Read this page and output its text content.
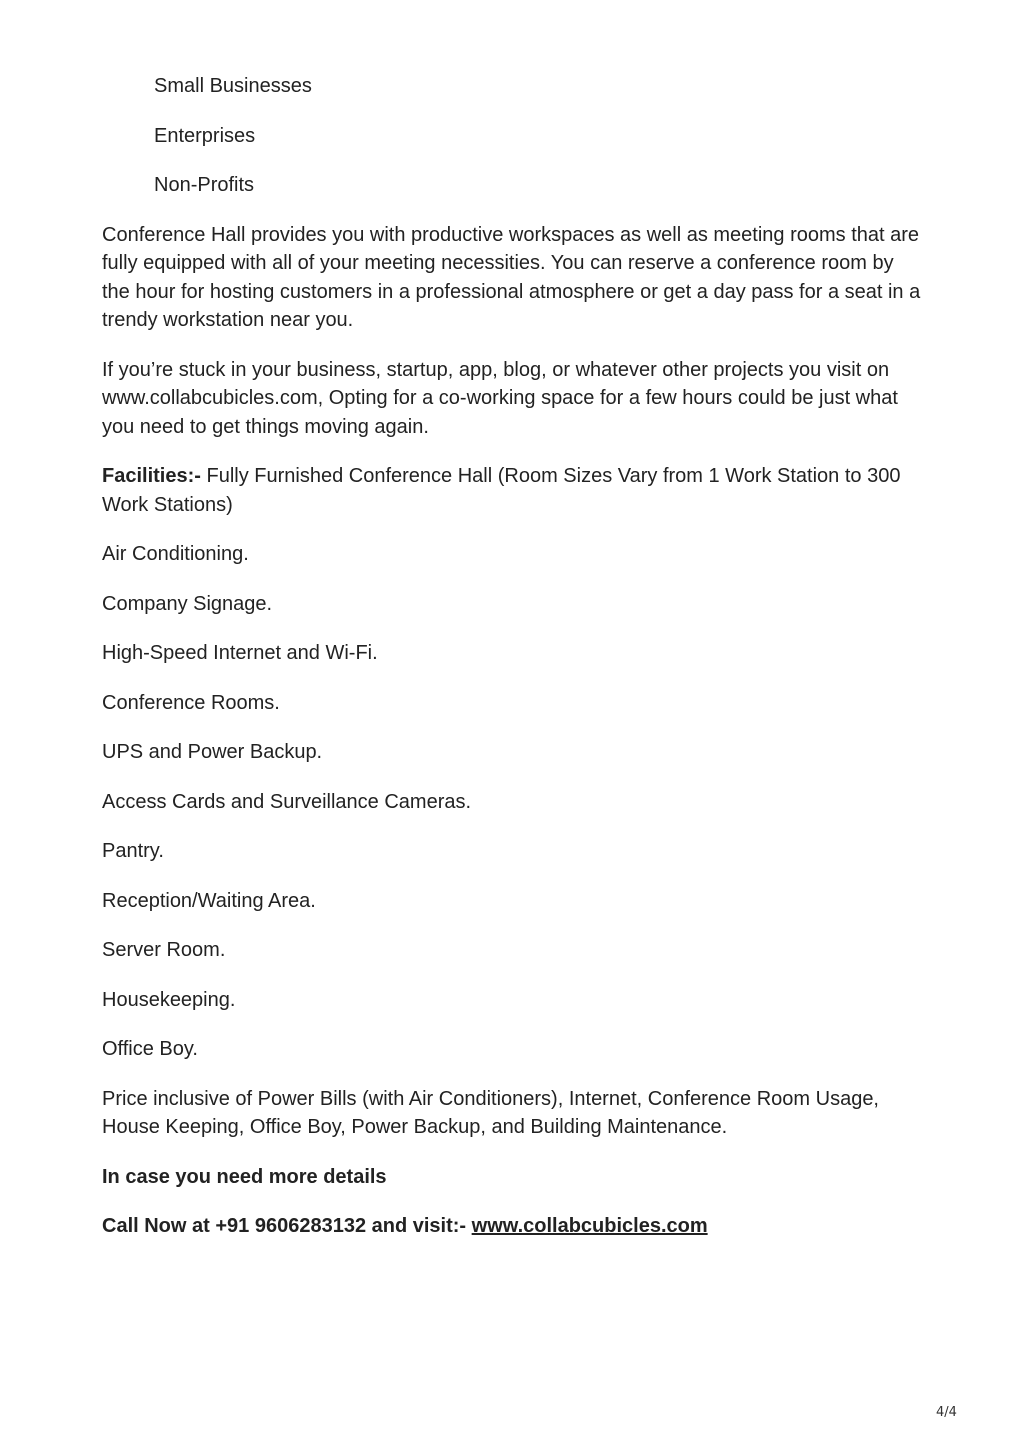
Small Businesses
Enterprises
Non-Profits

Conference Hall provides you with productive workspaces as well as meeting rooms that are fully equipped with all of your meeting necessities. You can reserve a conference room by the hour for hosting customers in a professional atmosphere or get a day pass for a seat in a trendy workstation near you.

If you’re stuck in your business, startup, app, blog, or whatever other projects you visit on www.collabcubicles.com, Opting for a co-working space for a few hours could be just what you need to get things moving again.

Facilities:- Fully Furnished Conference Hall (Room Sizes Vary from 1 Work Station to 300 Work Stations)

Air Conditioning.

Company Signage.

High-Speed Internet and Wi-Fi.

Conference Rooms.

UPS and Power Backup.

Access Cards and Surveillance Cameras.

Pantry.

Reception/Waiting Area.

Server Room.

Housekeeping.

Office Boy.

Price inclusive of Power Bills (with Air Conditioners), Internet, Conference Room Usage, House Keeping, Office Boy, Power Backup, and Building Maintenance.

In case you need more details

Call Now at +91 9606283132 and visit:- www.collabcubicles.com

4/4
